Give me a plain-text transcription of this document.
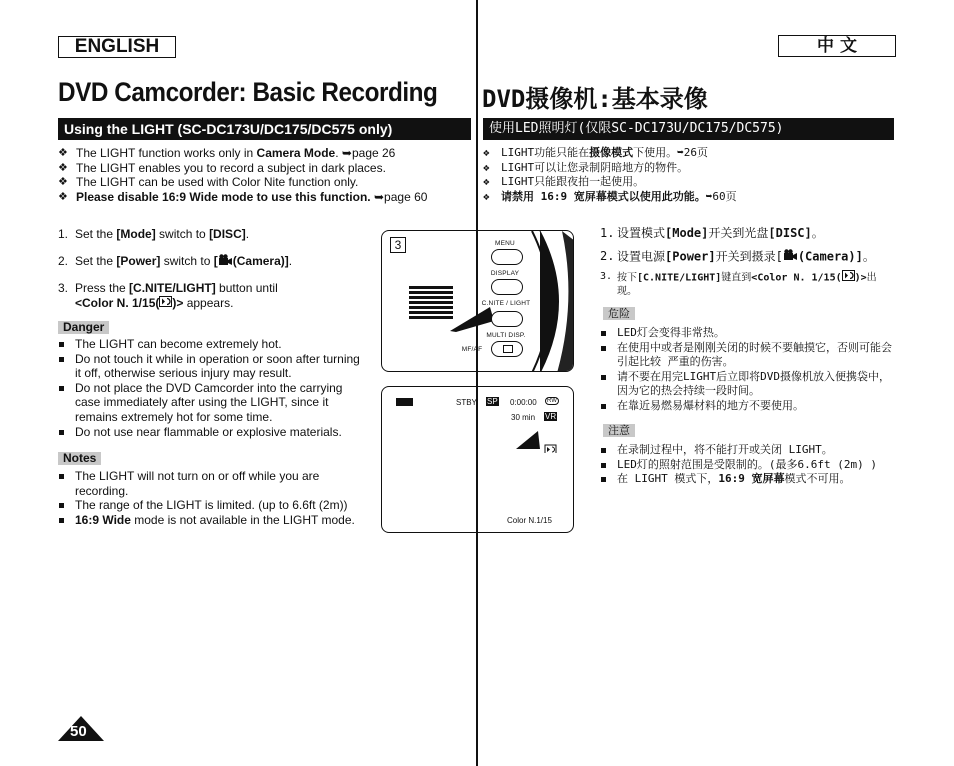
ENGLISH
DVD Camcorder: Basic Recording
Using the LIGHT (SC-DC173U/DC175/DC575 only)
❖ The LIGHT function works only in Camera Mode. ➥page 26
❖ The LIGHT enables you to record a subject in dark places.
❖ The LIGHT can be used with Color Nite function only.
❖ Please disable 16:9 Wide mode to use this function. ➥page 60
1. Set the [Mode] switch to [DISC].
2. Set the [Power] switch to [ (Camera)].
3. Press the [C.NITE/LIGHT] button until
<Color N. 1/15( )> appears.
Danger
The LIGHT can become extremely hot.
Do not touch it while in operation or soon after turning it off, otherwise serious injury may result.
Do not place the DVD Camcorder into the carrying case immediately after using the LIGHT, since it remains extremely hot for some time.
Do not use near flammable or explosive materials.
Notes
The LIGHT will not turn on or off while you are recording.
The range of the LIGHT is limited. (up to 6.6ft (2m))
16:9 Wide mode is not available in the LIGHT mode.
3	MENU
DISPLAY
C.NITE / LIGHT
MULTI DISP.
MF/AF
STBY SP 0:00:00	RW
30 min VR
Color N.1/15
中 文
DVD摄像机:基本录像
使用LED照明灯(仅限SC-DC173U/DC175/DC575)
❖ LIGHT功能只能在摄像模式下使用。➥26页
❖ LIGHT可以让您录制阴暗地方的物件。
❖ LIGHT只能跟夜拍一起使用。
❖ 请禁用 16:9 宽屏幕模式以使用此功能。➥60页
1. 设置模式[Mode]开关到光盘[DISC]。
2. 设置电源[Power]开关到摄录[ (Camera)]。
3. 按下[C.NITE/LIGHT]键直到<Color N. 1/15( )>出现。
危险
LED灯会变得非常热。
在使用中或者是刚刚关闭的时候不要触摸它，否则可能会引起比较 严重的伤害。
请不要在用完LIGHT后立即将DVD摄像机放入便携袋中，因为它的热会持续一段时间。
在靠近易燃易爆材料的地方不要使用。
注意
在录制过程中，将不能打开或关闭 LIGHT。
LED灯的照射范围是受限制的。(最多6.6ft (2m) )
在 LIGHT 模式下，16:9 宽屏幕模式不可用。
50
